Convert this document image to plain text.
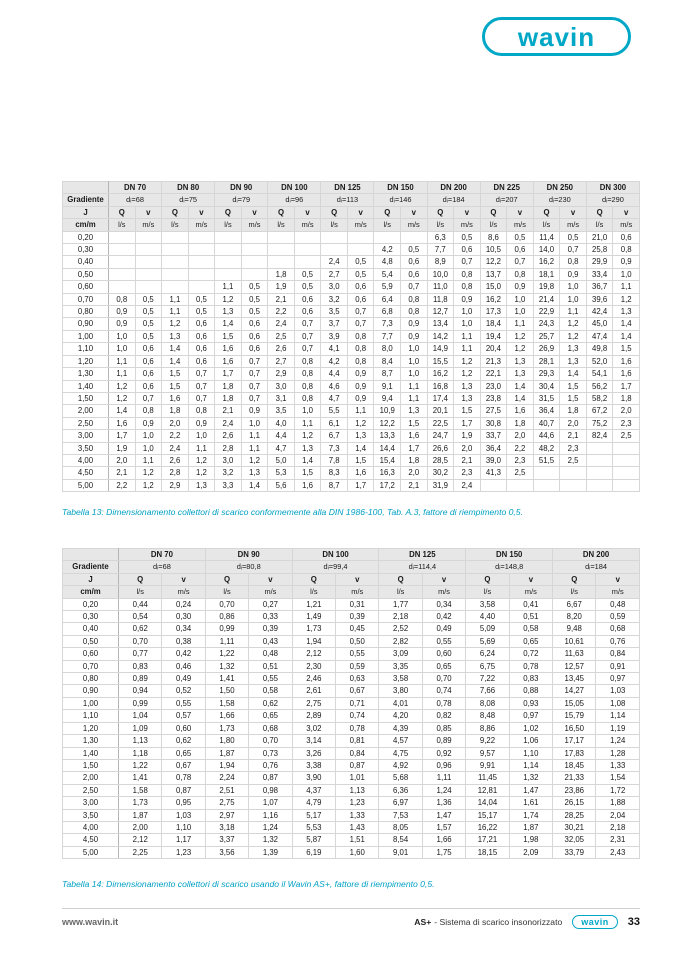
wavin
	DN 70		DN 80		DN 90		DN 100		DN 125		DN 150		DN 200		DN 225		DN 250		DN 300	
Gradiente	dᵢ=68		dᵢ=75		dᵢ=79		dᵢ=96		dᵢ=113		dᵢ=146		dᵢ=184		dᵢ=207		dᵢ=230		dᵢ=290	
J	Q	v	Q	v	Q	v	Q	v	Q	v	Q	v	Q	v	Q	v	Q	v	Q	v
cm/m	l/s	m/s	l/s	m/s	l/s	m/s	l/s	m/s	l/s	m/s	l/s	m/s	l/s	m/s	l/s	m/s	l/s	m/s	l/s	m/s
0,20													6,3	0,5	8,6	0,5	11,4	0,5	21,0	0,6
0,30											4,2	0,5	7,7	0,6	10,5	0,6	14,0	0,7	25,8	0,8
0,40									2,4	0,5	4,8	0,6	8,9	0,7	12,2	0,7	16,2	0,8	29,9	0,9
0,50							1,8	0,5	2,7	0,5	5,4	0,6	10,0	0,8	13,7	0,8	18,1	0,9	33,4	1,0
0,60					1,1	0,5	1,9	0,5	3,0	0,6	5,9	0,7	11,0	0,8	15,0	0,9	19,8	1,0	36,7	1,1
0,70	0,8	0,5	1,1	0,5	1,2	0,5	2,1	0,6	3,2	0,6	6,4	0,8	11,8	0,9	16,2	1,0	21,4	1,0	39,6	1,2
0,80	0,9	0,5	1,1	0,5	1,3	0,5	2,2	0,6	3,5	0,7	6,8	0,8	12,7	1,0	17,3	1,0	22,9	1,1	42,4	1,3
0,90	0,9	0,5	1,2	0,6	1,4	0,6	2,4	0,7	3,7	0,7	7,3	0,9	13,4	1,0	18,4	1,1	24,3	1,2	45,0	1,4
1,00	1,0	0,5	1,3	0,6	1,5	0,6	2,5	0,7	3,9	0,8	7,7	0,9	14,2	1,1	19,4	1,2	25,7	1,2	47,4	1,4
1,10	1,0	0,6	1,4	0,6	1,6	0,6	2,6	0,7	4,1	0,8	8,0	1,0	14,9	1,1	20,4	1,2	26,9	1,3	49,8	1,5
1,20	1,1	0,6	1,4	0,6	1,6	0,7	2,7	0,8	4,2	0,8	8,4	1,0	15,5	1,2	21,3	1,3	28,1	1,3	52,0	1,6
1,30	1,1	0,6	1,5	0,7	1,7	0,7	2,9	0,8	4,4	0,9	8,7	1,0	16,2	1,2	22,1	1,3	29,3	1,4	54,1	1,6
1,40	1,2	0,6	1,5	0,7	1,8	0,7	3,0	0,8	4,6	0,9	9,1	1,1	16,8	1,3	23,0	1,4	30,4	1,5	56,2	1,7
1,50	1,2	0,7	1,6	0,7	1,8	0,7	3,1	0,8	4,7	0,9	9,4	1,1	17,4	1,3	23,8	1,4	31,5	1,5	58,2	1,8
2,00	1,4	0,8	1,8	0,8	2,1	0,9	3,5	1,0	5,5	1,1	10,9	1,3	20,1	1,5	27,5	1,6	36,4	1,8	67,2	2,0
2,50	1,6	0,9	2,0	0,9	2,4	1,0	4,0	1,1	6,1	1,2	12,2	1,5	22,5	1,7	30,8	1,8	40,7	2,0	75,2	2,3
3,00	1,7	1,0	2,2	1,0	2,6	1,1	4,4	1,2	6,7	1,3	13,3	1,6	24,7	1,9	33,7	2,0	44,6	2,1	82,4	2,5
3,50	1,9	1,0	2,4	1,1	2,8	1,1	4,7	1,3	7,3	1,4	14,4	1,7	26,6	2,0	36,4	2,2	48,2	2,3		
4,00	2,0	1,1	2,6	1,2	3,0	1,2	5,0	1,4	7,8	1,5	15,4	1,8	28,5	2,1	39,0	2,3	51,5	2,5		
4,50	2,1	1,2	2,8	1,2	3,2	1,3	5,3	1,5	8,3	1,6	16,3	2,0	30,2	2,3	41,3	2,5				
5,00	2,2	1,2	2,9	1,3	3,3	1,4	5,6	1,6	8,7	1,7	17,2	2,1	31,9	2,4						
Tabella 13: Dimensionamento collettori di scarico conformemente alla DIN 1986-100, Tab. A.3, fattore di riempimento 0,5.
	DN 70		DN 90		DN 100		DN 125		DN 150		DN 200	
Gradiente	dᵢ=68		dᵢ=80,8		dᵢ=99,4		dᵢ=114,4		dᵢ=148,8		dᵢ=184	
J	Q	v	Q	v	Q	v	Q	v	Q	v	Q	v
cm/m	l/s	m/s	l/s	m/s	l/s	m/s	l/s	m/s	l/s	m/s	l/s	m/s
0,20	0,44	0,24	0,70	0,27	1,21	0,31	1,77	0,34	3,58	0,41	6,67	0,48
0,30	0,54	0,30	0,86	0,33	1,49	0,39	2,18	0,42	4,40	0,51	8,20	0,59
0,40	0,62	0,34	0,99	0,39	1,73	0,45	2,52	0,49	5,09	0,58	9,48	0,68
0,50	0,70	0,38	1,11	0,43	1,94	0,50	2,82	0,55	5,69	0,65	10,61	0,76
0,60	0,77	0,42	1,22	0,48	2,12	0,55	3,09	0,60	6,24	0,72	11,63	0,84
0,70	0,83	0,46	1,32	0,51	2,30	0,59	3,35	0,65	6,75	0,78	12,57	0,91
0,80	0,89	0,49	1,41	0,55	2,46	0,63	3,58	0,70	7,22	0,83	13,45	0,97
0,90	0,94	0,52	1,50	0,58	2,61	0,67	3,80	0,74	7,66	0,88	14,27	1,03
1,00	0,99	0,55	1,58	0,62	2,75	0,71	4,01	0,78	8,08	0,93	15,05	1,08
1,10	1,04	0,57	1,66	0,65	2,89	0,74	4,20	0,82	8,48	0,97	15,79	1,14
1,20	1,09	0,60	1,73	0,68	3,02	0,78	4,39	0,85	8,86	1,02	16,50	1,19
1,30	1,13	0,62	1,80	0,70	3,14	0,81	4,57	0,89	9,22	1,06	17,17	1,24
1,40	1,18	0,65	1,87	0,73	3,26	0,84	4,75	0,92	9,57	1,10	17,83	1,28
1,50	1,22	0,67	1,94	0,76	3,38	0,87	4,92	0,96	9,91	1,14	18,45	1,33
2,00	1,41	0,78	2,24	0,87	3,90	1,01	5,68	1,11	11,45	1,32	21,33	1,54
2,50	1,58	0,87	2,51	0,98	4,37	1,13	6,36	1,24	12,81	1,47	23,86	1,72
3,00	1,73	0,95	2,75	1,07	4,79	1,23	6,97	1,36	14,04	1,61	26,15	1,88
3,50	1,87	1,03	2,97	1,16	5,17	1,33	7,53	1,47	15,17	1,74	28,25	2,04
4,00	2,00	1,10	3,18	1,24	5,53	1,43	8,05	1,57	16,22	1,87	30,21	2,18
4,50	2,12	1,17	3,37	1,32	5,87	1,51	8,54	1,66	17,21	1,98	32,05	2,31
5,00	2,25	1,23	3,56	1,39	6,19	1,60	9,01	1,75	18,15	2,09	33,79	2,43
Tabella 14: Dimensionamento collettori di scarico usando il Wavin AS+, fattore di riempimento 0,5.
www.wavin.it	AS+ - Sistema di scarico insonorizzato	wavin	33
